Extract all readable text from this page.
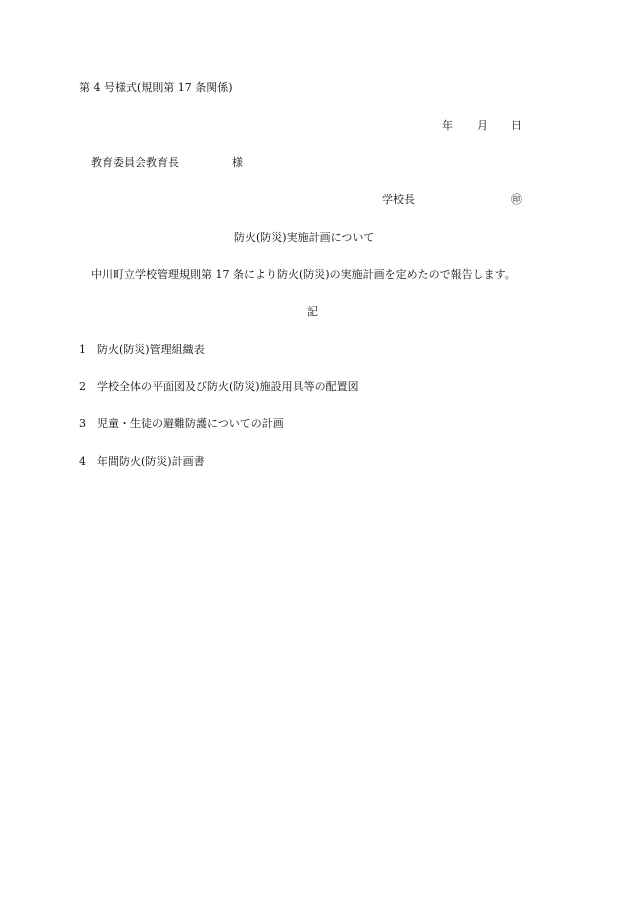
第 4 号様式(規則第 17 条関係)
年 月 日
教育委員会教育長	様
学校長	㊞
防火(防災)実施計画について
中川町立学校管理規則第 17 条により防火(防災)の実施計画を定めたので報告します。
記
1 防火(防災)管理組織表
2 学校全体の平面図及び防火(防災)施設用具等の配置図
3 児童・生徒の避難防護についての計画
4 年間防火(防災)計画書
